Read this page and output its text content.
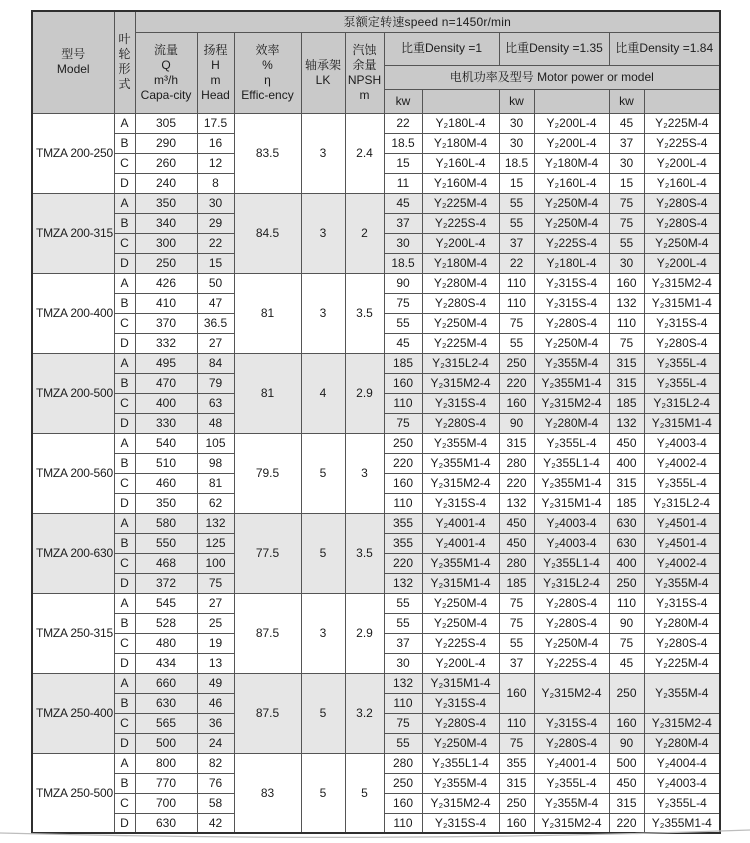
型号
Model

叶
轮
形
式
	泵额定转速speed n=1450r/min

流量
Q
m³/h
Capa-city

扬程
H
m
Head

效率
%
η
Effic-ency

轴承架
LK

汽蚀
余量
NPSH
m
	比重Density =1	比重Density =1.35	比重Density =1.84
							电机功率及型号 Motor power or model					
							kw		kw		kw	
TMZA 200-250	A	305	17.5	83.5	3	2.4	22	Y₂180L-4	30	Y₂200L-4	45	Y₂225M-4
	B	290	16				18.5	Y₂180M-4	30	Y₂200L-4	37	Y₂225S-4
	C	260	12				15	Y₂160L-4	18.5	Y₂180M-4	30	Y₂200L-4
	D	240	8				11	Y₂160M-4	15	Y₂160L-4	15	Y₂160L-4
TMZA 200-315	A	350	30	84.5	3	2	45	Y₂225M-4	55	Y₂250M-4	75	Y₂280S-4
	B	340	29				37	Y₂225S-4	55	Y₂250M-4	75	Y₂280S-4
	C	300	22				30	Y₂200L-4	37	Y₂225S-4	55	Y₂250M-4
	D	250	15				18.5	Y₂180M-4	22	Y₂180L-4	30	Y₂200L-4
TMZA 200-400	A	426	50	81	3	3.5	90	Y₂280M-4	110	Y₂315S-4	160	Y₂315M2-4
	B	410	47				75	Y₂280S-4	110	Y₂315S-4	132	Y₂315M1-4
	C	370	36.5				55	Y₂250M-4	75	Y₂280S-4	110	Y₂315S-4
	D	332	27				45	Y₂225M-4	55	Y₂250M-4	75	Y₂280S-4
TMZA 200-500	A	495	84	81	4	2.9	185	Y₂315L2-4	250	Y₂355M-4	315	Y₂355L-4
	B	470	79				160	Y₂315M2-4	220	Y₂355M1-4	315	Y₂355L-4
	C	400	63				110	Y₂315S-4	160	Y₂315M2-4	185	Y₂315L2-4
	D	330	48				75	Y₂280S-4	90	Y₂280M-4	132	Y₂315M1-4
TMZA 200-560	A	540	105	79.5	5	3	250	Y₂355M-4	315	Y₂355L-4	450	Y₂4003-4
	B	510	98				220	Y₂355M1-4	280	Y₂355L1-4	400	Y₂4002-4
	C	460	81				160	Y₂315M2-4	220	Y₂355M1-4	315	Y₂355L-4
	D	350	62				110	Y₂315S-4	132	Y₂315M1-4	185	Y₂315L2-4
TMZA 200-630	A	580	132	77.5	5	3.5	355	Y₂4001-4	450	Y₂4003-4	630	Y₂4501-4
	B	550	125				355	Y₂4001-4	450	Y₂4003-4	630	Y₂4501-4
	C	468	100				220	Y₂355M1-4	280	Y₂355L1-4	400	Y₂4002-4
	D	372	75				132	Y₂315M1-4	185	Y₂315L2-4	250	Y₂355M-4
TMZA 250-315	A	545	27	87.5	3	2.9	55	Y₂250M-4	75	Y₂280S-4	110	Y₂315S-4
	B	528	25				55	Y₂250M-4	75	Y₂280S-4	90	Y₂280M-4
	C	480	19				37	Y₂225S-4	55	Y₂250M-4	75	Y₂280S-4
	D	434	13				30	Y₂200L-4	37	Y₂225S-4	45	Y₂225M-4
TMZA 250-400	A	660	49	87.5	5	3.2	132	Y₂315M1-4	160	Y₂315M2-4	250	Y₂355M-4
	B	630	46				110	Y₂315S-4				
	C	565	36				75	Y₂280S-4	110	Y₂315S-4	160	Y₂315M2-4
	D	500	24				55	Y₂250M-4	75	Y₂280S-4	90	Y₂280M-4
TMZA 250-500	A	800	82	83	5	5	280	Y₂355L1-4	355	Y₂4001-4	500	Y₂4004-4
	B	770	76				250	Y₂355M-4	315	Y₂355L-4	450	Y₂4003-4
	C	700	58				160	Y₂315M2-4	250	Y₂355M-4	315	Y₂355L-4
	D	630	42				110	Y₂315S-4	160	Y₂315M2-4	220	Y₂355M1-4
